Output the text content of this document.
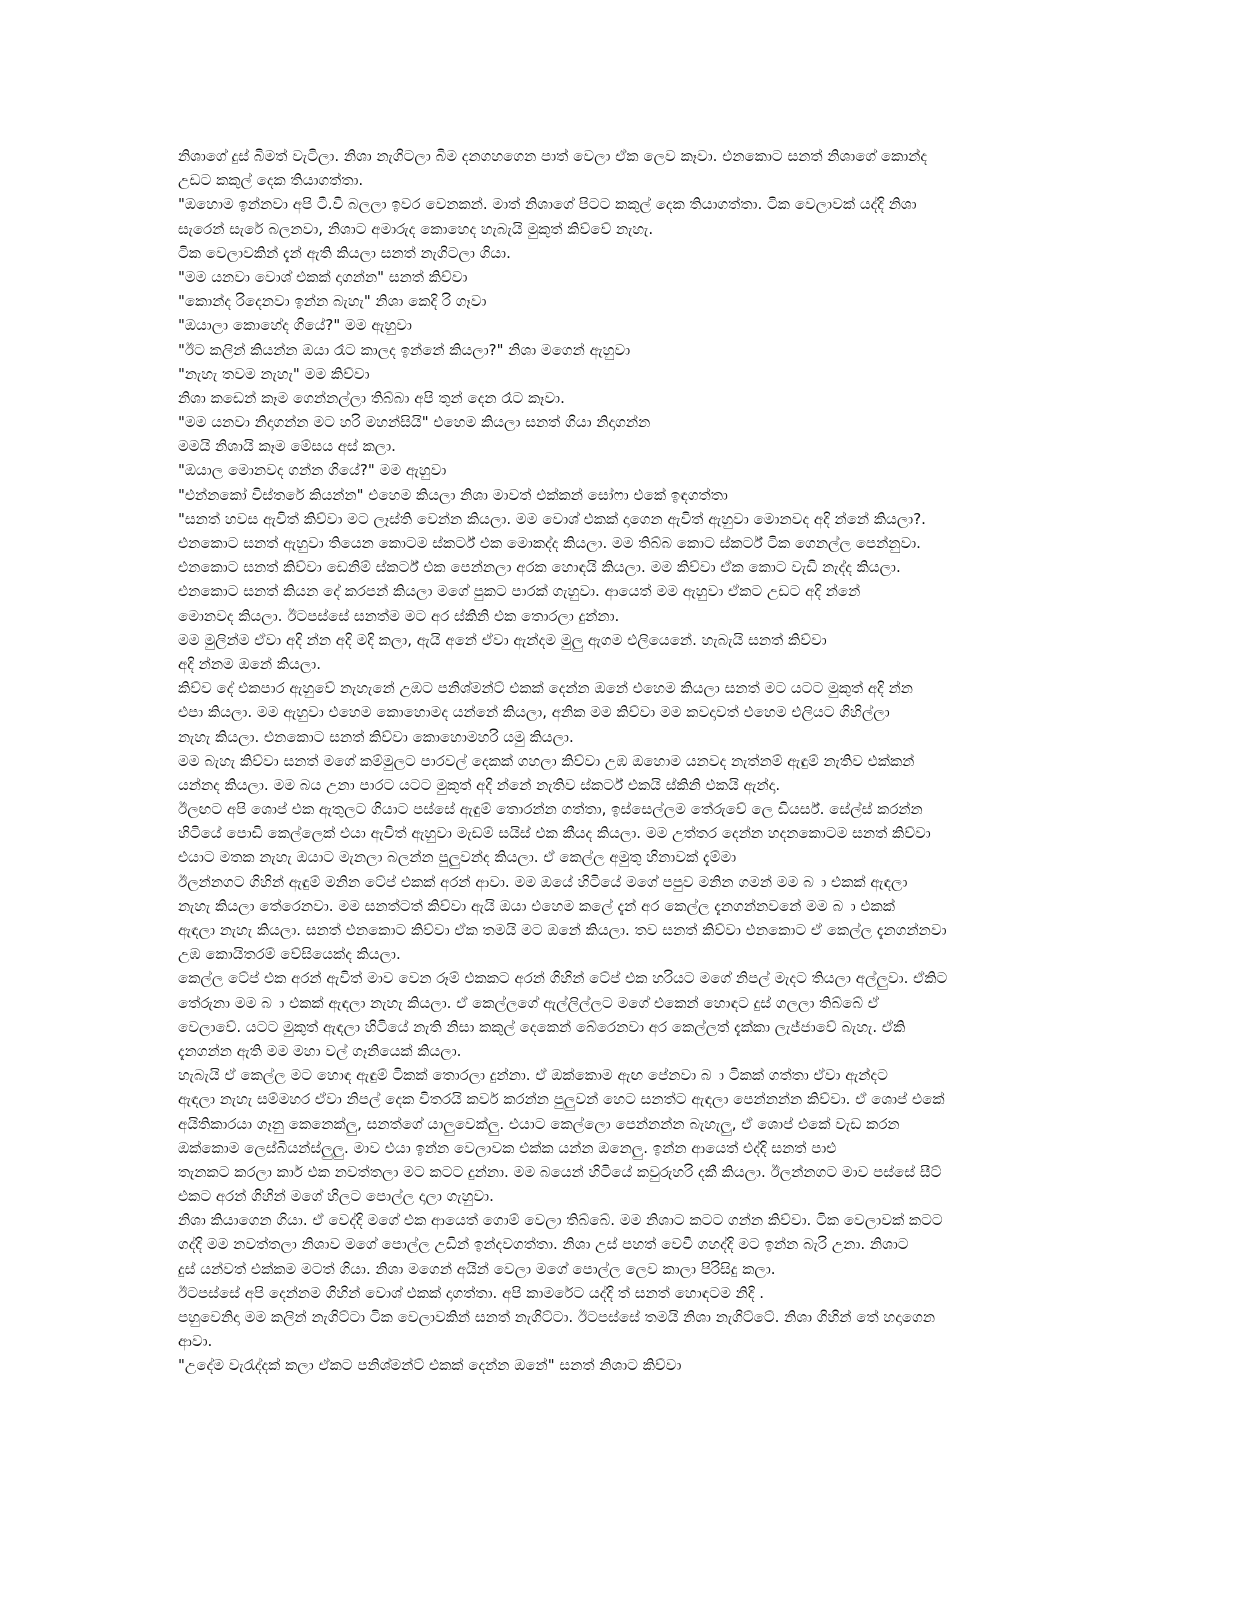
නිශාගේ දුස් බිමත් වැටිලා. නිශා නැගිටලා බිම දනගහගෙන පාත් වෙලා ඒක ලෙව කෑවා. එනකොට සනත් නිශාගේ කොන්ද
උඩට කකුල් දෙක තියාගත්තා.
"ඔහොම ඉන්නවා අපි ටී.වී බලලා ඉවර වෙනකන්. මාත් නිශාගේ පිටට කකුල් දෙක තියාගත්තා. ටික වෙලාවක් යද්දි නිශා
සැරෙන් සැරේ බලනවා, නිශාට අමාරුද කොහෙද හැබැයි මුකුත් කිව්වේ නැහැ.
ටික වෙලාවකින් දැන් ඇති කියලා සනත් නැගිටලා ගියා.
"මම යනවා වොශ් එකක් දාගන්න" සනත් කිව්වා
"කොන්ද රිදෙනවා ඉන්න බැහැ" නිශා කෙදි රි ගෑවා
"ඔයාලා කොහේද ගියේ?" මම ඇහුවා
"ඊට කලින් කියන්න ඔයා රෑට කාලද ඉන්නේ කියලා?" නිශා මගෙන් ඇහුවා
"නැහැ තවම නැහැ" මම කිව්වා
නිශා කඩෙන් කෑම ගෙන්නල්ලා තිබ්බා අපි තුන් දෙන රෑට කෑවා.
"මම යනවා නිදාගන්න මට හරි මහන්සියි" එහෙම කියලා සනත් ගියා නිදාගන්න
මමයි නිශායි කෑම මේසය අස් කලා.
"ඔයාල මොනවද ගන්න ගියේ?" මම ඇහුවා
"එන්නකෝ විස්තරේ කියන්න" එහෙම කියලා නිශා මාවත් එක්කන් සෝෆා එකේ ඉඳගත්තා
"සනත් හවස ඇවිත් කිව්වා මට ලෑස්ති වෙන්න කියලා. මම වොශ් එකක් දාගෙන ඇවිත් ඇහුවා මොනවද අදි න්නේ කියලා?.
එනකොට සනත් ඇහුවා තියෙන කොටම ස්කර්ට් එක මොකද්ද කියලා. මම තිබ්බ කොට ස්කර්ට් ටික ගෙනල්ල පෙන්නුවා.
එනකොට සනත් කිව්වා ඩෙනිම් ස්කර්ට් එක පෙන්නලා අරක හොඳයි කියලා. මම කිව්වා ඒක කොට වැඩි නැද්ද කියලා.
එනකොට සනත් කියන දේ කරපන් කියලා මගේ පුකට පාරක් ගැහුවා. ආයෙත් මම ඇහුවා ඒකට උඩට අදි න්නේ
මොනවද කියලා. ඊටපස්සේ සනත්ම මට අර ස්කිනි එක තොරලා දුන්නා.
මම මුලින්ම ඒවා අදි න්න අදි මදි කලා, ඇයි අනේ ඒවා ඇන්දම මුලු ඇගම එලියෙනේ. හැබැයි සනත් කිව්වා
අදි න්නම ඔනේ කියලා.
කිව්ව දේ එකපාර ඇහුවේ නැහැනේ උඹට පනිශ්මන්ට් එකක් දෙන්න ඔනේ එහෙම කියලා සනත් මට යටට මුකුත් අදි න්න
එපා කියලා. මම ඇහුවා එහෙම කොහොමද යන්නේ කියලා, අනික මම කිව්වා මම කවදාවත් එහෙම එලියට ගිහිල්ලා
නැහැ කියලා. එනකොට සනත් කිව්වා කොහොමහරි යමු කියලා.
මම බැහැ කිව්වා සනත් මගේ කම්මුලට පාරවල් දෙකක් ගහලා කිව්වා උඹ ඔහොම යනවද නැත්නම් ඇඳුම් නැතිව එක්කන්
යන්නද කියලා. මම බය උනා පාරට යටට මුකුත් අදි න්නේ නැතිව ස්කර්ට් එකයි ස්කිනි එකයි ඇන්දා.
ඊලඟට අපි ශොප් එක ඇතුලට ගියාට පස්සේ ඇඳුම් තොරන්න ගත්තා, ඉස්සෙල්ලම තේරුවේ ලෙ ඩියර්ස්. සේල්ස් කරන්න
හිටියේ පොඩි කෙල්ලෙක් එයා ඇවිත් ඇහුවා මැඩම් සයිස් එක කීයද කියලා. මම උත්තර දෙන්න හදනකොටම සනත් කිව්වා
එයාට මතක නැහැ ඔයාට මැනලා බලන්න පුලුවන්ද කියලා. ඒ කෙල්ල අමුතු හිනාවක් දැම්මා
ඊලන්නගට ගිහින් ඇඳුම් මනින ටේප් එකක් අරන් ආවා. මම ඔයේ හිටියේ මගේ පපුව මනින ගමන් මම බ ා එකක් ඇඳලා
නැහැ කියලා තේරෙනවා. මම සනත්ටත් කිව්වා ඇයි ඔයා එහෙම කලේ දැන් අර කෙල්ල දැනගන්නවනේ මම බ ා එකක්
ඇඳලා නැහැ කියලා. සනත් එනකොට කිව්වා ඒක තමයි මට ඔනේ කියලා. තව සනත් කිව්වා එනකොට ඒ කෙල්ල දැනගන්නවා
උඹ කොයිතරම් වේසියෙක්ද කියලා.
කෙල්ල ටේප් එක අරන් ඇවිත් මාව වෙන රූම් එකකට අරන් ගිහින් ටේප් එක හරියට මගේ නිපල් මැදට තියලා අල්ලුවා. ඒකිට
තේරුනා මම බ ා එකක් ඇඳලා නැහැ කියලා. ඒ කෙල්ලගේ ඇල්ලිල්ලට මගේ එකෙන් හොඳට දුස් ගලලා තිබ්බේ ඒ
වෙලාවේ. යටට මුකුත් ඇඳලා හිටියේ නැති නිසා කකුල් දෙකෙන් බේරෙනවා අර කෙල්ලත් දැක්කා ලැජ්ජාවේ බැහැ. ඒකි
දැනගන්න ඇති මම මහා වල් ගෑනියෙක් කියලා.
හැබැයි ඒ කෙල්ල මට හොඳ ඇඳුම් ටිකක් තොරලා දුන්නා. ඒ ඔක්කොම ඇඟ පේනවා බ ා ටිකක් ගත්තා ඒවා ඇන්දට
ඇඳලා නැහැ සම්මහර ඒවා නිපල් දෙක විතරයි කවර් කරන්න පුලුවන් හෙට සනත්ට ඇඳලා පෙන්නන්න කිව්වා. ඒ ශොප් එකේ
අයිතිකාරයා ගෑනු කෙනෙක්ලු, සනත්ගේ යාලුවෙක්ලු. එයාට කෙල්ලො පෙන්නන්න බැහැලු, ඒ ශොප් එකේ වැඩ කරන
ඔක්කොම ලෙස්බියන්ස්ලුලු. මාව එයා ඉන්න වෙලාවක එක්ක යන්න ඔනෙලු. ඉන්න ආයෙත් එද්දි සනත් පාළු
තැනකට කරලා කාර් එක නවත්තලා මට කටට දුන්නා. මම බයෙන් හිටියේ කවුරුහරි දකී කියලා. ඊලන්නගට මාව පස්සේ සීට්
එකට අරන් ගිහින් මගේ හිලට පොල්ල දාලා ගැහුවා.
නිශා කියාගෙන ගියා. ඒ වෙද්දි මගේ එක ආයෙත් ගොම් වෙලා තිබ්බේ. මම නිශාට කටට ගන්න කිව්වා. ටික වෙලාවක් කටට
ගද්දි මම නවත්තලා නිශාව මගේ පොල්ල උඩින් ඉන්දවගත්තා. නිශා උස් පහත් වෙවී ගහද්දි මට ඉන්න බැරි උනා. නිශාට
දුස් යන්වත් එක්කම මටත් ගියා. නිශා මගෙන් අයින් වෙලා මගේ පොල්ල ලෙව කාලා පිරිසිදු කලා.
ඊටපස්සේ අපි දෙන්නම ගිහින් වොශ් එකක් දාගත්තා. අපි කාමරේට යද්දි ත් සනත් හොඳටම නිදි .
පහුවෙනිදා මම කලින් නැගිට්ටා ටික වෙලාවකින් සනත් නැගිට්ටා. ඊටපස්සේ තමයි නිශා නැගිට්ටේ. නිශා ගිහින් තේ හදාගෙන
ආවා.
"උදේම වැරැද්දක් කලා ඒකට පනිශ්මන්ට් එකක් දෙන්න ඔනේ" සනත් නිශාට කිව්වා
